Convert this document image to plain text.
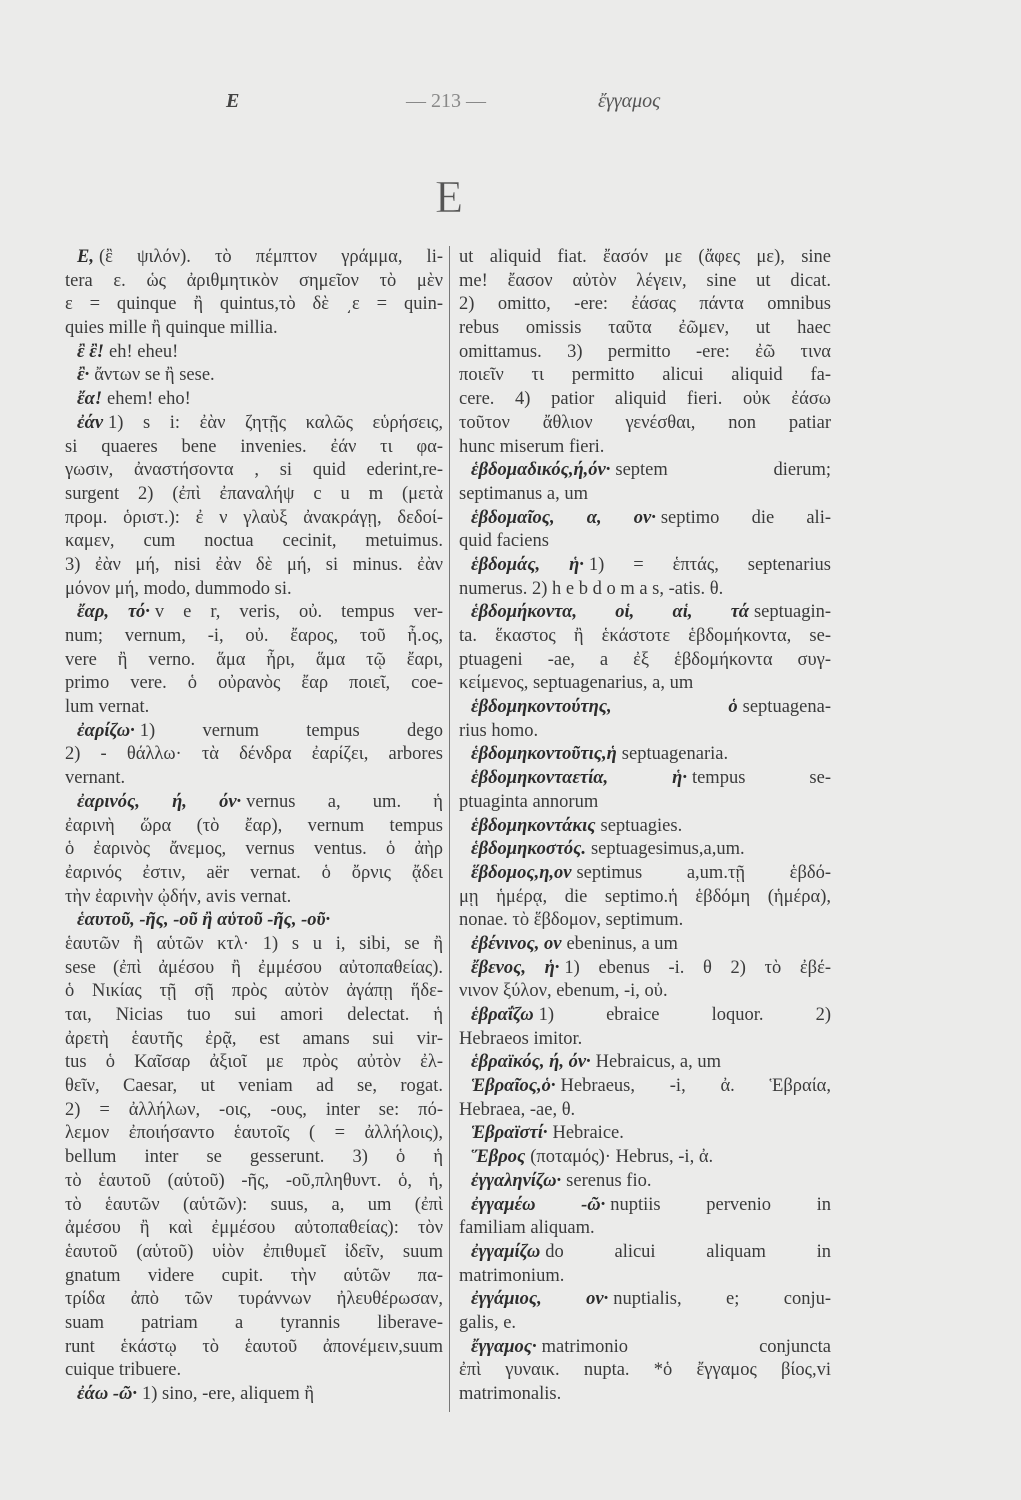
Ε	— 213 —	ἔγγαμος
Ε
Ε, (ἒ ψιλόν). τὸ πέμπτον γράμμα, li-
tera ε. ὡς ἀριθμητικὸν σημεῖον τὸ μὲν
ε = quinque ἢ quintus,τὸ δὲ ͵ε = quin-
quies mille ἢ quinque millia.
ἒ ἒ! eh! eheu!
ἒ· ἄντων se ἢ sese.
ἔα! ehem! eho!
ἐάν 1) s i: ἐὰν ζητῇς καλῶς εὑρήσεις,
si quaeres bene invenies. ἐάν τι φα-
γωσιν, ἀναστήσοντα , si quid ederint,re-
surgent 2) (ἐπὶ ἐπαναλήψ c u m (μετὰ
προμ. ὁριστ.): ἐ ν γλαὺξ ἀνακράγῃ, δεδοί-
καμεν, cum noctua cecinit, metuimus.
3) ἐὰν μή, nisi ἐὰν δὲ μή, si minus. ἐὰν
μόνον μή, modo, dummodo si.
ἔαρ, τό· v e r, veris, οὐ. tempus ver-
num; vernum, -i, οὐ. ἔαρος, τοῦ ἦ.ος,
vere ἢ verno. ἅμα ἦρι, ἅμα τῷ ἔαρι,
primo vere. ὁ οὐρανὸς ἔαρ ποιεῖ, coe-
lum vernat.
ἐαρίζω· 1) vernum tempus dego
2) - θάλλω· τὰ δένδρα ἐαρίζει, arbores
vernant.
ἐαρινός, ή, όν· vernus a, um. ἡ
ἐαρινὴ ὥρα (τὸ ἔαρ), vernum tempus
ὁ ἐαρινὸς ἄνεμος, vernus ventus. ὁ ἀὴρ
ἐαρινός ἐστιν, aër vernat. ὁ ὄρνις ᾄδει
τὴν ἐαρινὴν ᾠδήν, avis vernat.
ἑαυτοῦ, -ῆς, -οῦ ἢ αὑτοῦ -ῆς, -οῦ·
ἑαυτῶν ἢ αὑτῶν κτλ· 1) s u i, sibi, se ἢ
sese (ἐπὶ ἀμέσου ἢ ἐμμέσου αὐτοπαθείας).
ὁ Νικίας τῇ σῇ πρὸς αὐτὸν ἀγάπῃ ἥδε-
ται, Nicias tuo sui amori delectat. ἡ
ἀρετὴ ἑαυτῆς ἐρᾷ, est amans sui vir-
tus ὁ Καῖσαρ ἀξιοῖ με πρὸς αὐτὸν ἐλ-
θεῖν, Caesar, ut veniam ad se, rogat.
2) = ἀλλήλων, -οις, -ους, inter se: πό-
λεμον ἐποιήσαντο ἑαυτοῖς ( = ἀλλήλοις),
bellum inter se gesserunt. 3) ὁ ἡ
τὸ ἑαυτοῦ (αὑτοῦ) -ῆς, -οῦ,πληθυντ. ὁ, ἡ,
τὸ ἑαυτῶν (αὑτῶν): suus, a, um (ἐπὶ
ἀμέσου ἢ καὶ ἐμμέσου αὐτοπαθείας): τὸν
ἑαυτοῦ (αὑτοῦ) υἱὸν ἐπιθυμεῖ ἰδεῖν, suum
gnatum videre cupit. τὴν αὑτῶν πα-
τρίδα ἀπὸ τῶν τυράννων ἠλευθέρωσαν,
suam patriam a tyrannis liberave-
runt ἑκάστῳ τὸ ἑαυτοῦ ἀπονέμειν,suum
cuique tribuere.
ἐάω -ῶ· 1) sino, -ere, aliquem ἢ
ut aliquid fiat. ἔασόν με (ἄφες με), sine
me! ἔασον αὐτὸν λέγειν, sine ut dicat.
2) omitto, -ere: ἐάσας πάντα omnibus
rebus omissis ταῦτα ἐῶμεν, ut haec
omittamus. 3) permitto -ere: ἐῶ τινα
ποιεῖν τι permitto alicui aliquid fa-
cere. 4) patior aliquid fieri. οὐκ ἐάσω
τοῦτον ἄθλιον γενέσθαι, non patiar
hunc miserum fieri.
ἑβδομαδικός,ή,όν· septem dierum;
septimanus a, um
ἑβδομαῖος, α, ον· septimo die ali-
quid faciens
ἑβδομάς, ἡ· 1) = ἑπτάς, septenarius
numerus. 2) h e b d o m a s, -atis. θ.
ἑβδομήκοντα, οἱ, αἱ, τά septuagin-
ta. ἕκαστος ἢ ἑκάστοτε ἑβδομήκοντα, se-
ptuageni -ae, a ἐξ ἑβδομήκοντα συγ-
κείμενος, septuagenarius, a, um
ἑβδομηκοντούτης, ὁ septuagena-
rius homo.
ἑβδομηκοντοῦτις,ἡ septuagenaria.
ἑβδομηκονταετία, ἡ· tempus se-
ptuaginta annorum
ἑβδομηκοντάκις septuagies.
ἑβδομηκοστός. septuagesimus,a,um.
ἕβδομος,η,ον septimus a,um.τῇ ἑβδό-
μῃ ἡμέρᾳ, die septimo.ἡ ἑβδόμη (ἡμέρα),
nonae. τὸ ἕβδομον, septimum.
ἐβένινος, ον ebeninus, a um
ἔβενος, ἡ· 1) ebenus -i. θ 2) τὸ ἐβέ-
νινον ξύλον, ebenum, -i, οὐ.
ἑβραΐζω 1) ebraice loquor. 2)
Hebraeos imitor.
ἑβραϊκός, ή, όν· Hebraicus, a, um
Ἑβραῖος,ὁ· Hebraeus, -i, ἀ. Ἑβραία,
Hebraea, -ae, θ.
Ἑβραϊστί· Hebraice.
Ἕβρος (ποταμός)· Hebrus, -i, ἀ.
ἐγγαληνίζω· serenus fio.
ἐγγαμέω -ῶ· nuptiis pervenio in
familiam aliquam.
ἐγγαμίζω do alicui aliquam in
matrimonium.
ἐγγάμιος, ον· nuptialis, e; conju-
galis, e.
ἔγγαμος· matrimonio conjuncta
ἐπὶ γυναικ. nupta. *ὁ ἔγγαμος βίος,vi
matrimonalis.
